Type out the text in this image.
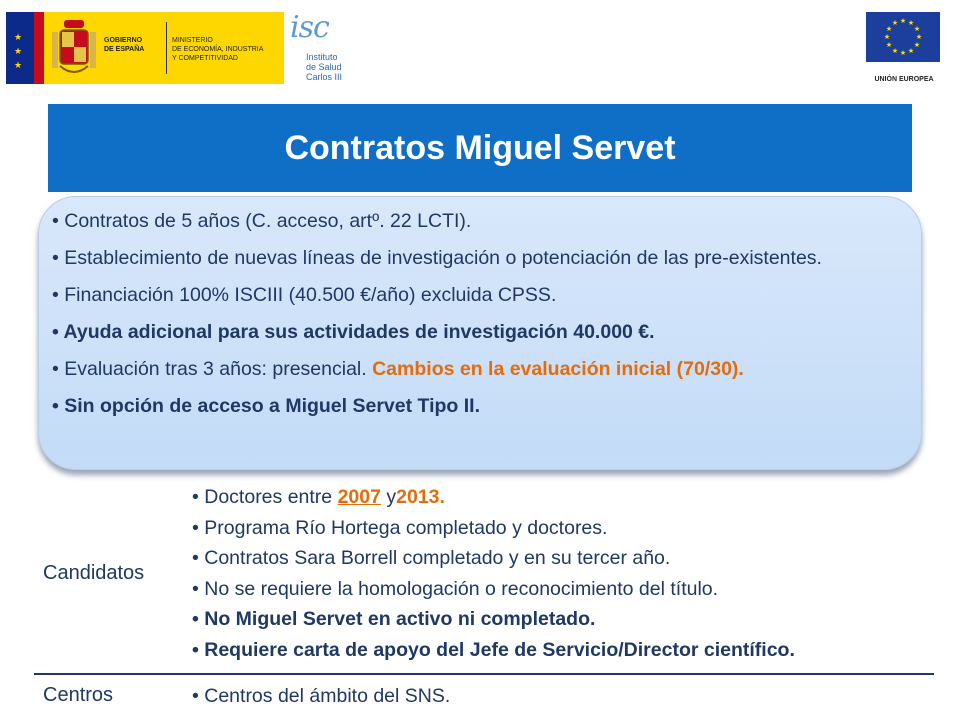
★
★
★
GOBIERNO
DE ESPAÑA
MINISTERIO
DE ECONOMÍA, INDUSTRIA
Y COMPETITIVIDAD
isc
Instituto
de Salud
Carlos III
★ ★
★
★
★
★
★
★
★
★
★
★
UNIÓN EUROPEA
Contratos Miguel Servet
• Contratos de 5 años (C. acceso, artº. 22 LCTI).
• Establecimiento de nuevas líneas de investigación o potenciación de las pre-existentes.
• Financiación 100% ISCIII (40.500 €/año) excluida CPSS.
• Ayuda adicional para sus actividades de investigación 40.000 €.
• Evaluación tras 3 años: presencial. Cambios en la evaluación inicial (70/30).
• Sin opción de acceso a Miguel Servet Tipo II.
Candidatos
• Doctores entre 2007 y2013.
• Programa Río Hortega completado y doctores.
• Contratos Sara Borrell completado y en su tercer año.
• No se requiere la homologación o reconocimiento del título.
• No Miguel Servet en activo ni completado.
• Requiere carta de apoyo del Jefe de Servicio/Director científico.
Centros	• Centros del ámbito del SNS.
